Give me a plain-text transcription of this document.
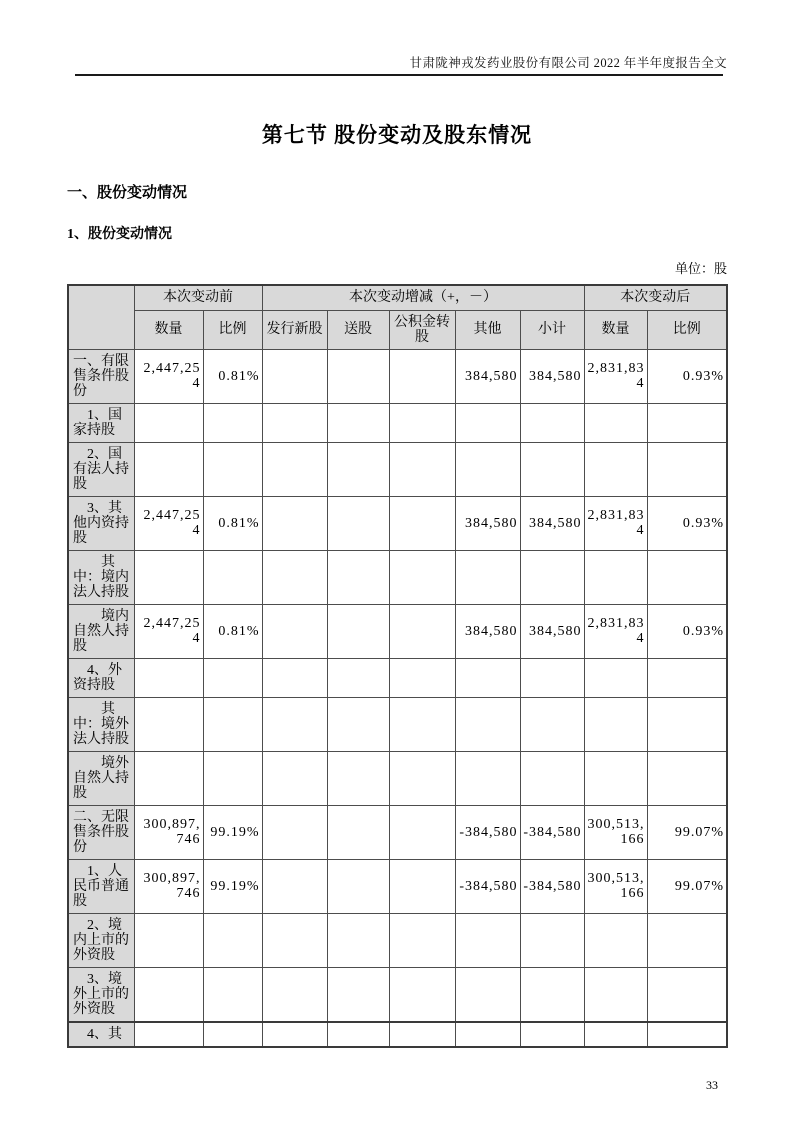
甘肃陇神戎发药业股份有限公司 2022 年半年度报告全文
第七节 股份变动及股东情况
一、股份变动情况
1、股份变动情况
单位：股
	本次变动前		本次变动增减（+，－）					本次变动后	
	数量	比例	发行新股	送股	公积金转股	其他	小计	数量	比例
一、有限售条件股份	2,447,254	0.81%				384,580	384,580	2,831,834	0.93%
1、国家持股									
2、国有法人持股									
3、其他内资持股	2,447,254	0.81%				384,580	384,580	2,831,834	0.93%
其中：境内法人持股									
境内自然人持股	2,447,254	0.81%				384,580	384,580	2,831,834	0.93%
4、外资持股									
其中：境外法人持股									
境外自然人持股									
二、无限售条件股份	300,897,746	99.19%				-384,580	-384,580	300,513,166	99.07%
1、人民币普通股	300,897,746	99.19%				-384,580	-384,580	300,513,166	99.07%
2、境内上市的外资股									
3、境外上市的外资股									
4、其									
33
